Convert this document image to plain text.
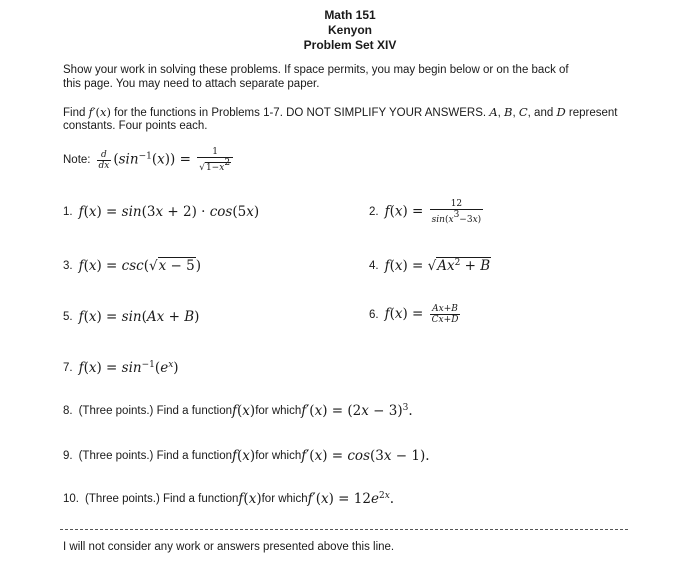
Math 151
Kenyon
Problem Set XIV
Show your work in solving these problems. If space permits, you may begin below or on the back of
this page. You may need to attach separate paper.
Find f′(x) for the functions in Problems 1-7. DO NOT SIMPLIFY YOUR ANSWERS. A, B, C, and D represent
constants. Four points each.
Note: $\frac{d}{dx} (\sin^{-1}(x)) = \frac{1}{√1-x^2}$
1. f(x) = sin(3x + 2) · cos(5x)	2. $f(x) = \frac{12}{\sin(x^3-3x)}$
3. f(x) = csc(√x − 5)	4. $f(x) = √Ax^2 + B$
5. f(x) = sin(Ax + B)	6. $f(x) = \frac{Ax+B}{Cx+D}$
7. $f(x) = \sin^{-1}(e^x)$
8. (Three points.) Find a function f(x) for which $f'(x) = (2x - 3)^3$.
9. (Three points.) Find a function f(x) for which f′(x) = cos(3x − 1).
10. (Three points.) Find a function f(x) for which $f'(x) = 12e^{2x}$.
I will not consider any work or answers presented above this line.
